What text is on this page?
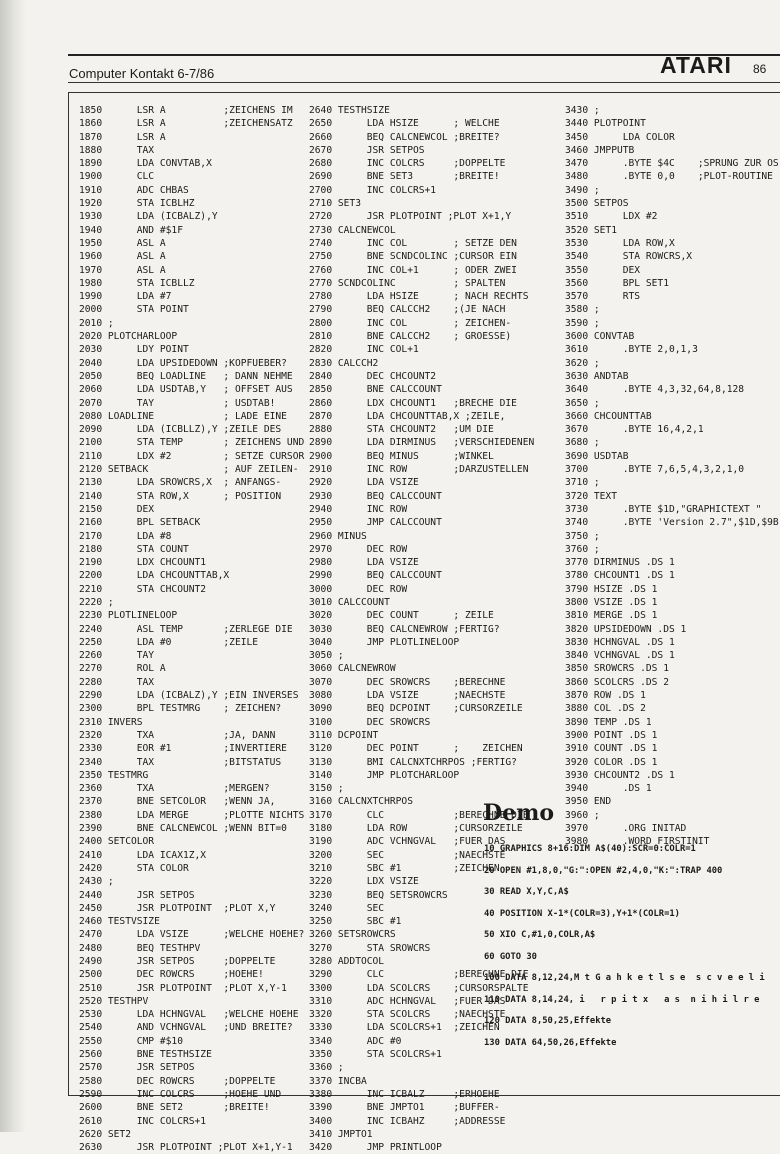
Computer Kontakt 6-7/86	ATARI 86
1850      LSR A          ;ZEICHENS IM
1860      LSR A          ;ZEICHENSATZ
1870      LSR A
1880      TAX
1890      LDA CONVTAB,X
1900      CLC
1910      ADC CHBAS
1920      STA ICBLHZ
1930      LDA (ICBALZ),Y
1940      AND #$1F
1950      ASL A
1960      ASL A
1970      ASL A
1980      STA ICBLLZ
1990      LDA #7
2000      STA POINT
2010 ;
2020 PLOTCHARLOOP
2030      LDY POINT
2040      LDA UPSIDEDOWN ;KOPFUEBER?
2050      BEQ LOADLINE   ; DANN NEHME
2060      LDA USDTAB,Y   ; OFFSET AUS
2070      TAY            ; USDTAB!
2080 LOADLINE            ; LADE EINE
2090      LDA (ICBLLZ),Y ;ZEILE DES
2100      STA TEMP       ; ZEICHENS UND
2110      LDX #2         ; SETZE CURSOR
2120 SETBACK             ; AUF ZEILEN-
2130      LDA SROWCRS,X  ; ANFANGS-
2140      STA ROW,X      ; POSITION
2150      DEX
2160      BPL SETBACK
2170      LDA #8
2180      STA COUNT
2190      LDX CHCOUNT1
2200      LDA CHCOUNTTAB,X
2210      STA CHCOUNT2
2220 ;
2230 PLOTLINELOOP
2240      ASL TEMP       ;ZERLEGE DIE
2250      LDA #0         ;ZEILE
2260      TAY
2270      ROL A
2280      TAX
2290      LDA (ICBALZ),Y ;EIN INVERSES
2300      BPL TESTMRG    ; ZEICHEN?
2310 INVERS
2320      TXA            ;JA, DANN
2330      EOR #1         ;INVERTIERE
2340      TAX            ;BITSTATUS
2350 TESTMRG
2360      TXA            ;MERGEN?
2370      BNE SETCOLOR   ;WENN JA,
2380      LDA MERGE      ;PLOTTE NICHTS
2390      BNE CALCNEWCOL ;WENN BIT=0
2400 SETCOLOR
2410      LDA ICAX1Z,X
2420      STA COLOR
2430 ;
2440      JSR SETPOS
2450      JSR PLOTPOINT  ;PLOT X,Y
2460 TESTVSIZE
2470      LDA VSIZE      ;WELCHE HOEHE?
2480      BEQ TESTHPV
2490      JSR SETPOS     ;DOPPELTE
2500      DEC ROWCRS     ;HOEHE!
2510      JSR PLOTPOINT  ;PLOT X,Y-1
2520 TESTHPV
2530      LDA HCHNGVAL   ;WELCHE HOEHE
2540      AND VCHNGVAL   ;UND BREITE?
2550      CMP #$10
2560      BNE TESTHSIZE
2570      JSR SETPOS
2580      DEC ROWCRS     ;DOPPELTE
2590      INC COLCRS     ;HOEHE UND
2600      BNE SET2       ;BREITE!
2610      INC COLCRS+1
2620 SET2
2630      JSR PLOTPOINT ;PLOT X+1,Y-1
2640 TESTHSIZE
2650      LDA HSIZE      ; WELCHE
2660      BEQ CALCNEWCOL ;BREITE?
2670      JSR SETPOS
2680      INC COLCRS     ;DOPPELTE
2690      BNE SET3       ;BREITE!
2700      INC COLCRS+1
2710 SET3
2720      JSR PLOTPOINT ;PLOT X+1,Y
2730 CALCNEWCOL
2740      INC COL        ; SETZE DEN
2750      BNE SCNDCOLINC ;CURSOR EIN
2760      INC COL+1      ; ODER ZWEI
2770 SCNDCOLINC          ; SPALTEN
2780      LDA HSIZE      ; NACH RECHTS
2790      BEQ CALCCH2    ;(JE NACH
2800      INC COL        ; ZEICHEN-
2810      BNE CALCCH2    ; GROESSE)
2820      INC COL+1
2830 CALCCH2
2840      DEC CHCOUNT2
2850      BNE CALCCOUNT
2860      LDX CHCOUNT1   ;BRECHE DIE
2870      LDA CHCOUNTTAB,X ;ZEILE,
2880      STA CHCOUNT2   ;UM DIE
2890      LDA DIRMINUS   ;VERSCHIEDENEN
2900      BEQ MINUS      ;WINKEL
2910      INC ROW        ;DARZUSTELLEN
2920      LDA VSIZE
2930      BEQ CALCCOUNT
2940      INC ROW
2950      JMP CALCCOUNT
2960 MINUS
2970      DEC ROW
2980      LDA VSIZE
2990      BEQ CALCCOUNT
3000      DEC ROW
3010 CALCCOUNT
3020      DEC COUNT      ; ZEILE
3030      BEQ CALCNEWROW ;FERTIG?
3040      JMP PLOTLINELOOP
3050 ;
3060 CALCNEWROW
3070      DEC SROWCRS    ;BERECHNE
3080      LDA VSIZE      ;NAECHSTE
3090      BEQ DCPOINT    ;CURSORZEILE
3100      DEC SROWCRS
3110 DCPOINT
3120      DEC POINT      ;    ZEICHEN
3130      BMI CALCNXTCHRPOS ;FERTIG?
3140      JMP PLOTCHARLOOP
3150 ;
3160 CALCNXTCHRPOS
3170      CLC            ;BERECHNE DIE
3180      LDA ROW        ;CURSORZEILE
3190      ADC VCHNGVAL   ;FUER DAS
3200      SEC            ;NAECHSTE
3210      SBC #1         ;ZEICHEN
3220      LDX VSIZE
3230      BEQ SETSROWCRS
3240      SEC
3250      SBC #1
3260 SETSROWCRS
3270      STA SROWCRS
3280 ADDTOCOL
3290      CLC            ;BERECHNE DIE
3300      LDA SCOLCRS    ;CURSORSPALTE
3310      ADC HCHNGVAL   ;FUER DAS
3320      STA SCOLCRS    ;NAECHSTE
3330      LDA SCOLCRS+1  ;ZEICHEN
3340      ADC #0
3350      STA SCOLCRS+1
3360 ;
3370 INCBA
3380      INC ICBALZ     ;ERHOEHE
3390      BNE JMPTO1     ;BUFFER-
3400      INC ICBAHZ     ;ADDRESSE
3410 JMPTO1
3420      JMP PRINTLOOP
3430 ;
3440 PLOTPOINT
3450      LDA COLOR
3460 JMPPUTB
3470      .BYTE $4C    ;SPRUNG ZUR OS
3480      .BYTE 0,0    ;PLOT-ROUTINE
3490 ;
3500 SETPOS
3510      LDX #2
3520 SET1
3530      LDA ROW,X
3540      STA ROWCRS,X
3550      DEX
3560      BPL SET1
3570      RTS
3580 ;
3590 ;
3600 CONVTAB
3610      .BYTE 2,0,1,3
3620 ;
3630 ANDTAB
3640      .BYTE 4,3,32,64,8,128
3650 ;
3660 CHCOUNTTAB
3670      .BYTE 16,4,2,1
3680 ;
3690 USDTAB
3700      .BYTE 7,6,5,4,3,2,1,0
3710 ;
3720 TEXT
3730      .BYTE $1D,"GRAPHICTEXT "
3740      .BYTE 'Version 2.7",$1D,$9B
3750 ;
3760 ;
3770 DIRMINUS .DS 1
3780 CHCOUNT1 .DS 1
3790 HSIZE .DS 1
3800 VSIZE .DS 1
3810 MERGE .DS 1
3820 UPSIDEDOWN .DS 1
3830 HCHNGVAL .DS 1
3840 VCHNGVAL .DS 1
3850 SROWCRS .DS 1
3860 SCOLCRS .DS 2
3870 ROW .DS 1
3880 COL .DS 2
3890 TEMP .DS 1
3900 POINT .DS 1
3910 COUNT .DS 1
3920 COLOR .DS 1
3930 CHCOUNT2 .DS 1
3940      .DS 1
3950 END
3960 ;
3970      .ORG INITAD
3980      .WORD FIRSTINIT
Demo
10 GRAPHICS 8+16:DIM A$(40):SCR=0:COLR=1
20 OPEN #1,8,0,"G:":OPEN #2,4,0,"K:":TRAP 400
30 READ X,Y,C,A$
40 POSITION X-1*(COLR=3),Y+1*(COLR=1)
50 XIO C,#1,0,COLR,A$
60 GOTO 30
100 DATA 8,12,24,M t G a h k e t l s e  s c v e e l i
110 DATA 8,14,24, i   r p i t x   a s  n i h i l r e
120 DATA 8,50,25,Effekte
130 DATA 64,50,26,Effekte
